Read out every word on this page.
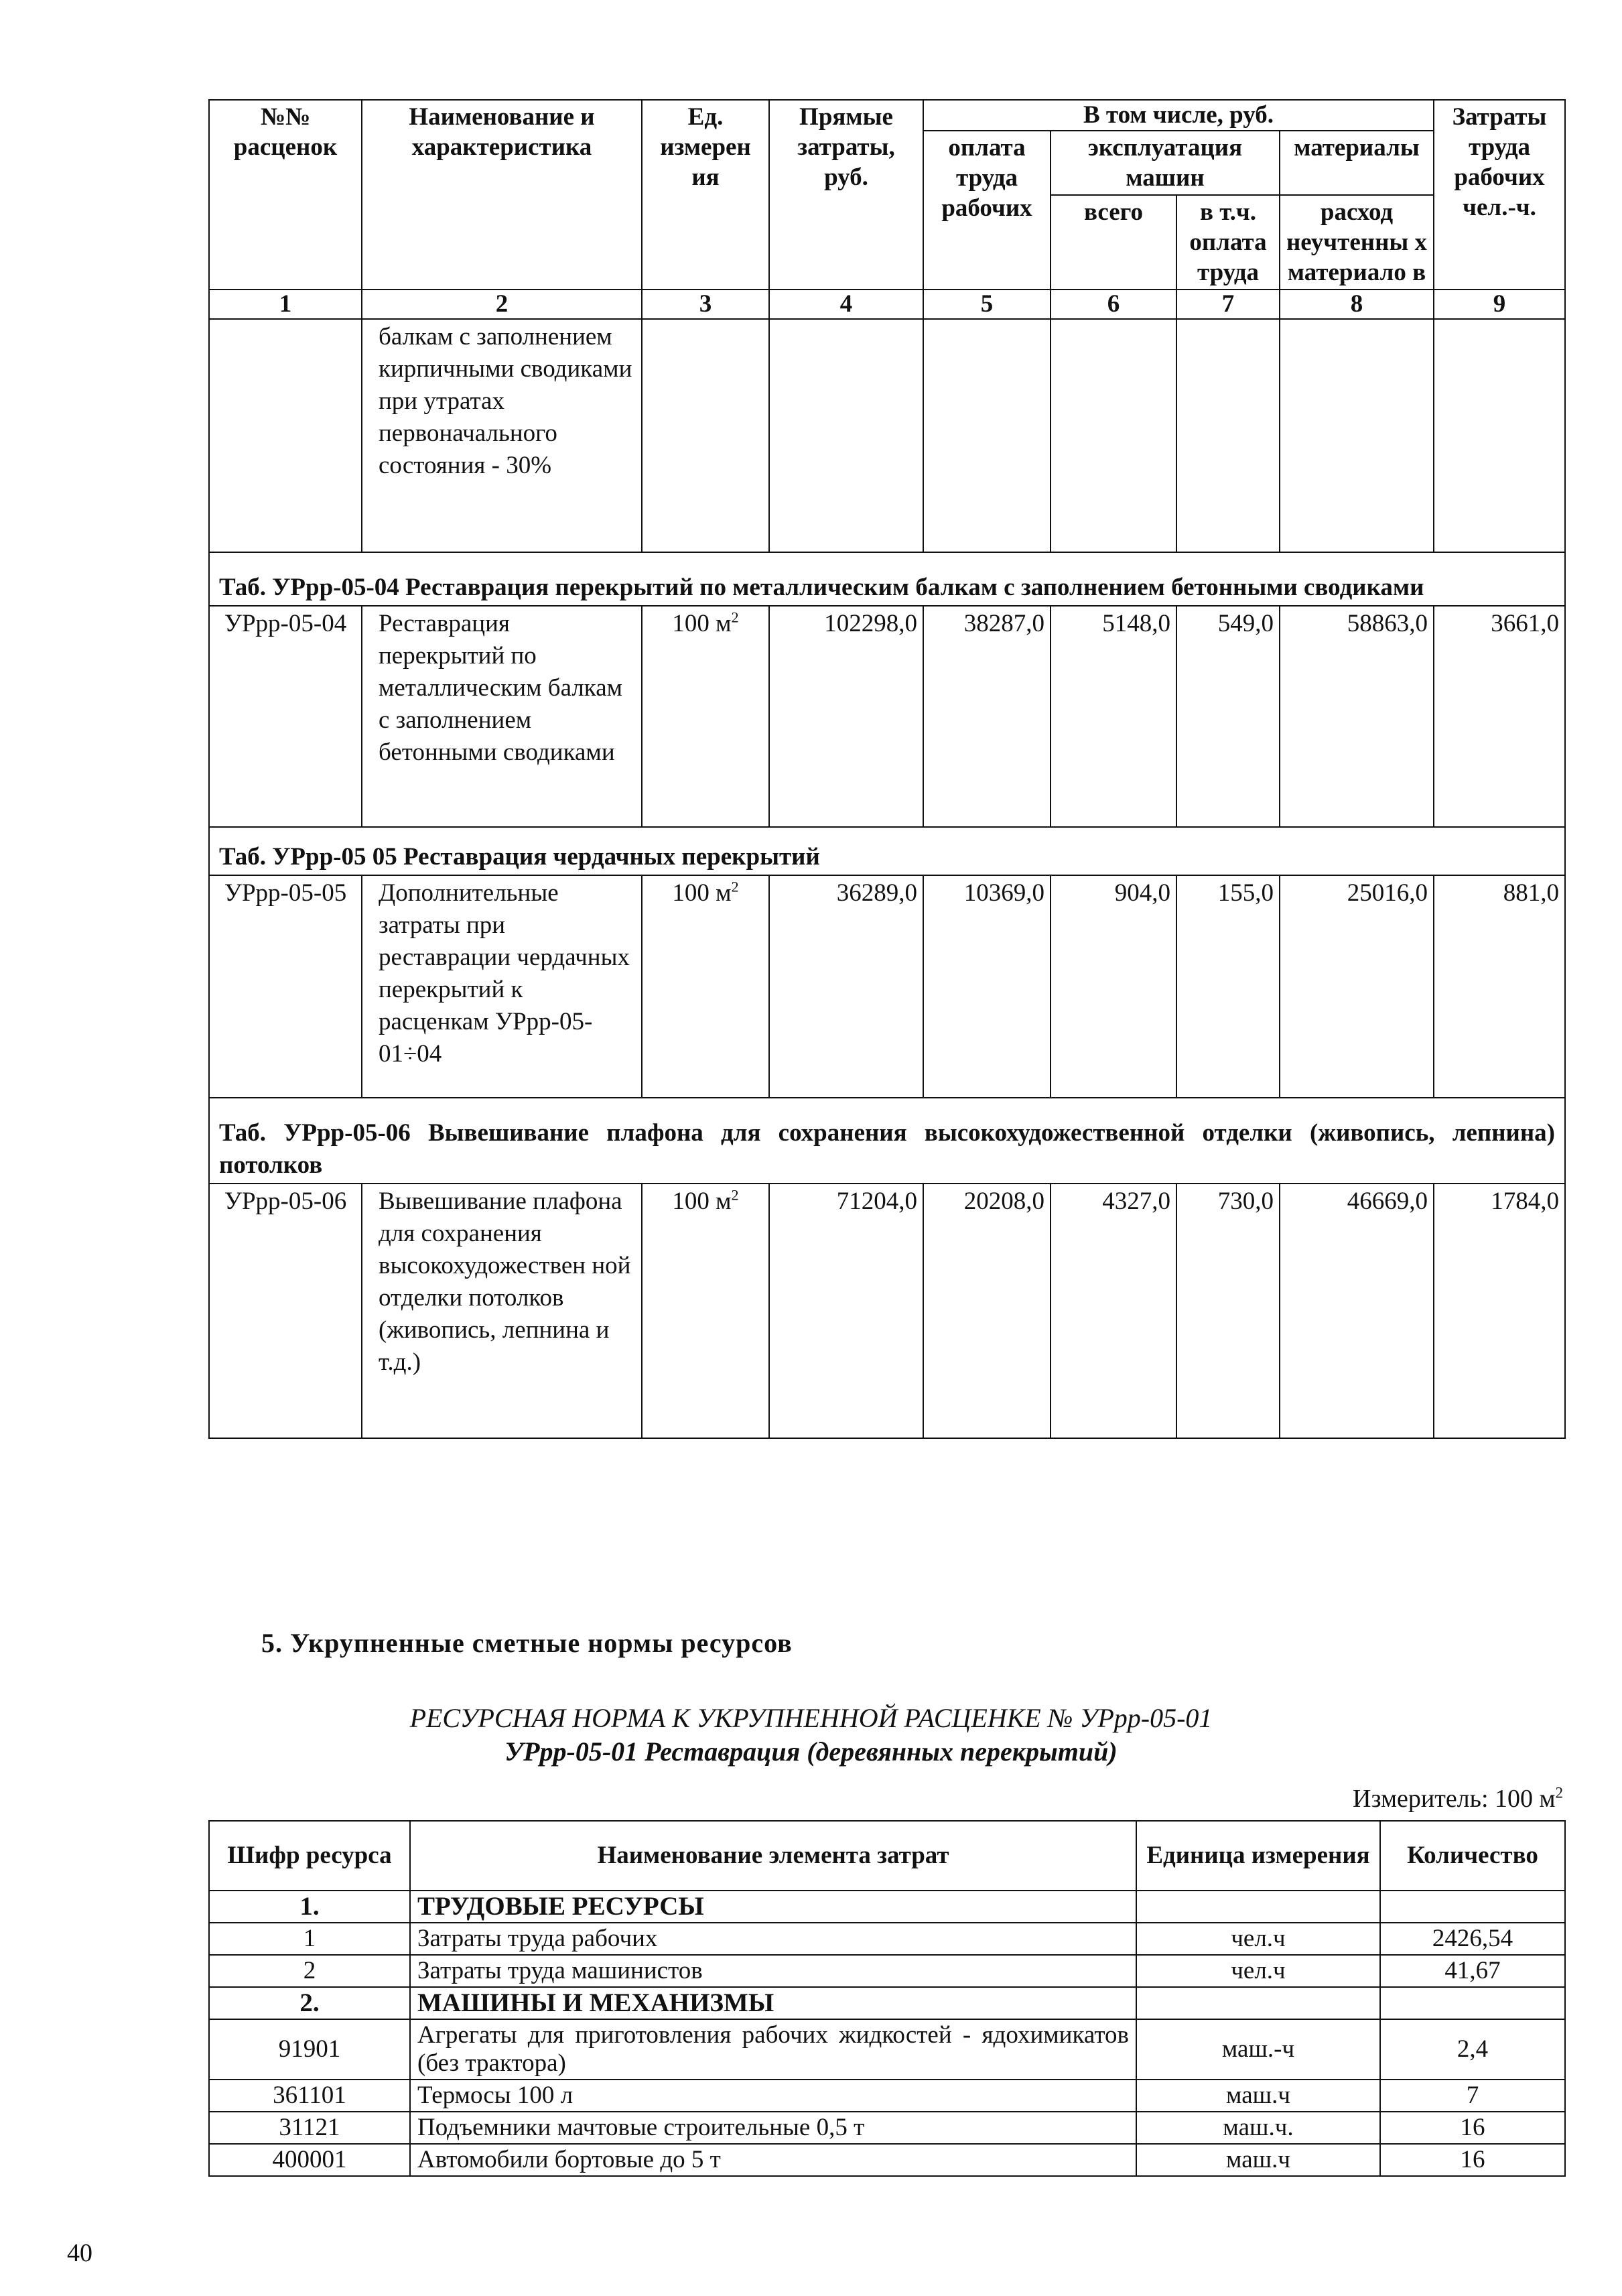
№№ расценок	Наименование и характеристика	Ед. измерен ия	Прямые затраты, руб.	В том числе, руб.				Затраты труда рабочих чел.-ч.
				оплата труда рабочих	эксплуатация машин		материалы	
					всего	в т.ч. оплата труда	расход неучтенны х материало в	
1	2	3	4	5	6	7	8	9
	балкам с заполнением кирпичными сводиками при утратах первоначального состояния - 30%							
Таб. УРрр-05-04 Реставрация перекрытий по металлическим балкам с заполнением бетонными сводиками								
УРрр-05-04	Реставрация перекрытий по металлическим балкам с заполнением бетонными сводиками	100 $м^2$	102298,0	38287,0	5148,0	549,0	58863,0	3661,0
Таб. УРрр-05 05 Реставрация чердачных перекрытий								
УРрр-05-05	Дополнительные затраты при реставрации чердачных перекрытий к расценкам УРрр-05-01÷04	100 $м^2$	36289,0	10369,0	904,0	155,0	25016,0	881,0
Таб. УРрр-05-06 Вывешивание плафона для сохранения высокохудожественной отделки (живопись, лепнина) потолков								
УРрр-05-06	Вывешивание плафона для сохранения высокохудожествен ной отделки потолков (живопись, лепнина и т.д.)	100 $м^2$	71204,0	20208,0	4327,0	730,0	46669,0	1784,0
5. Укрупненные сметные нормы ресурсов
РЕСУРСНАЯ НОРМА К УКРУПНЕННОЙ РАСЦЕНКЕ № УРрр-05-01
УРрр-05-01 Реставрация (деревянных перекрытий)
Измеритель: 100 $м^2$
Шифр ресурса	Наименование элемента затрат	Единица измерения	Количество
1.	ТРУДОВЫЕ РЕСУРСЫ		
1	Затраты труда рабочих	чел.ч	2426,54
2	Затраты труда машинистов	чел.ч	41,67
2.	МАШИНЫ И МЕХАНИЗМЫ		
91901	Агрегаты для приготовления рабочих жидкостей - ядохимикатов (без трактора)	маш.-ч	2,4
361101	Термосы 100 л	маш.ч	7
31121	Подъемники мачтовые строительные 0,5 т	маш.ч.	16
400001	Автомобили бортовые до 5 т	маш.ч	16
40
